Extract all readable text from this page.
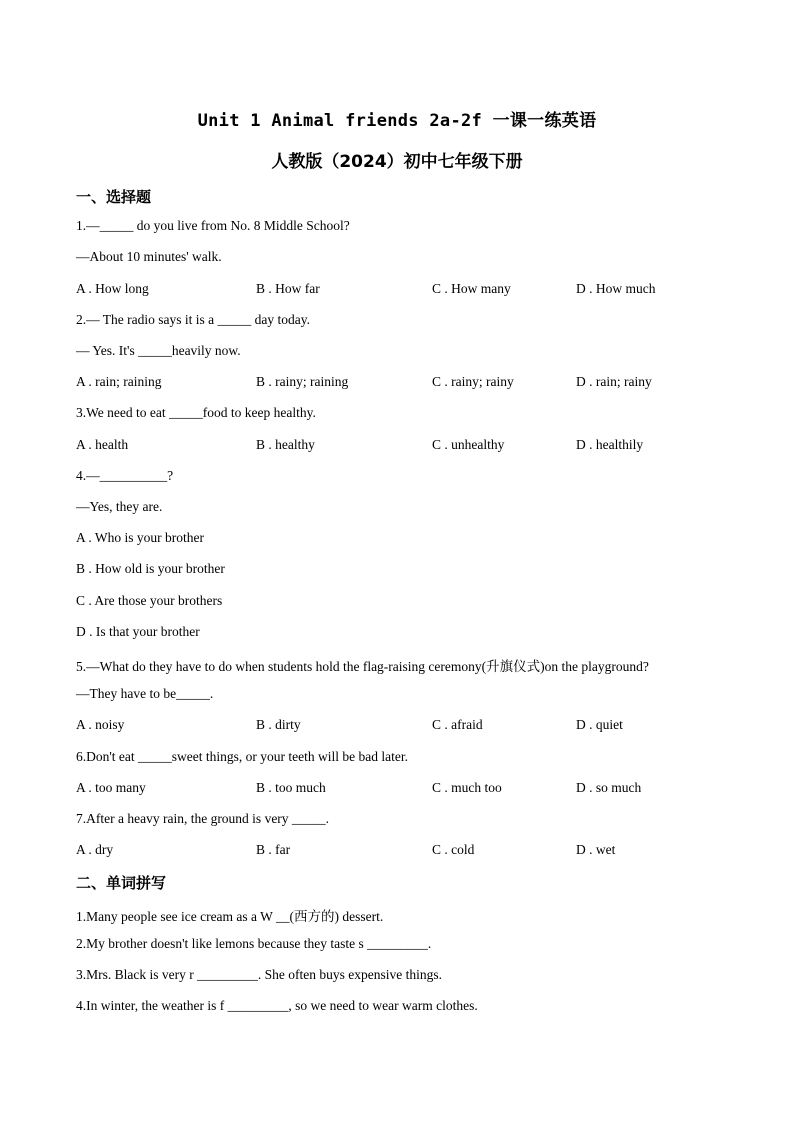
Unit 1 Animal friends 2a-2f 一课一练英语
人教版（2024）初中七年级下册
一、选择题
1.—_____ do you live from No. 8 Middle School?
—About 10 minutes' walk.
A . How long	B . How far	C . How many	D . How much
2.— The radio says it is a _____ day today.
— Yes. It's _____heavily now.
A . rain; raining	B . rainy; raining	C . rainy; rainy	D . rain; rainy
3.We need to eat _____food to keep healthy.
A . health	B . healthy	C . unhealthy	D . healthily
4.—__________?
—Yes, they are.
A . Who is your brother
B . How old is your brother
C . Are those your brothers
D . Is that your brother
5.—What do they have to do when students hold the flag-raising ceremony(升旗仪式)on the playground?
—They have to be_____.
A . noisy	B . dirty	C . afraid	D . quiet
6.Don't eat _____sweet things, or your teeth will be bad later.
A . too many	B . too much	C . much too	D . so much
7.After a heavy rain, the ground is very _____.
A . dry	B . far	C . cold	D . wet
二、单词拼写
1.Many people see ice cream as a W __(西方的) dessert.
2.My brother doesn't like lemons because they taste s _________.
3.Mrs. Black is very r _________. She often buys expensive things.
4.In winter, the weather is f _________, so we need to wear warm clothes.
